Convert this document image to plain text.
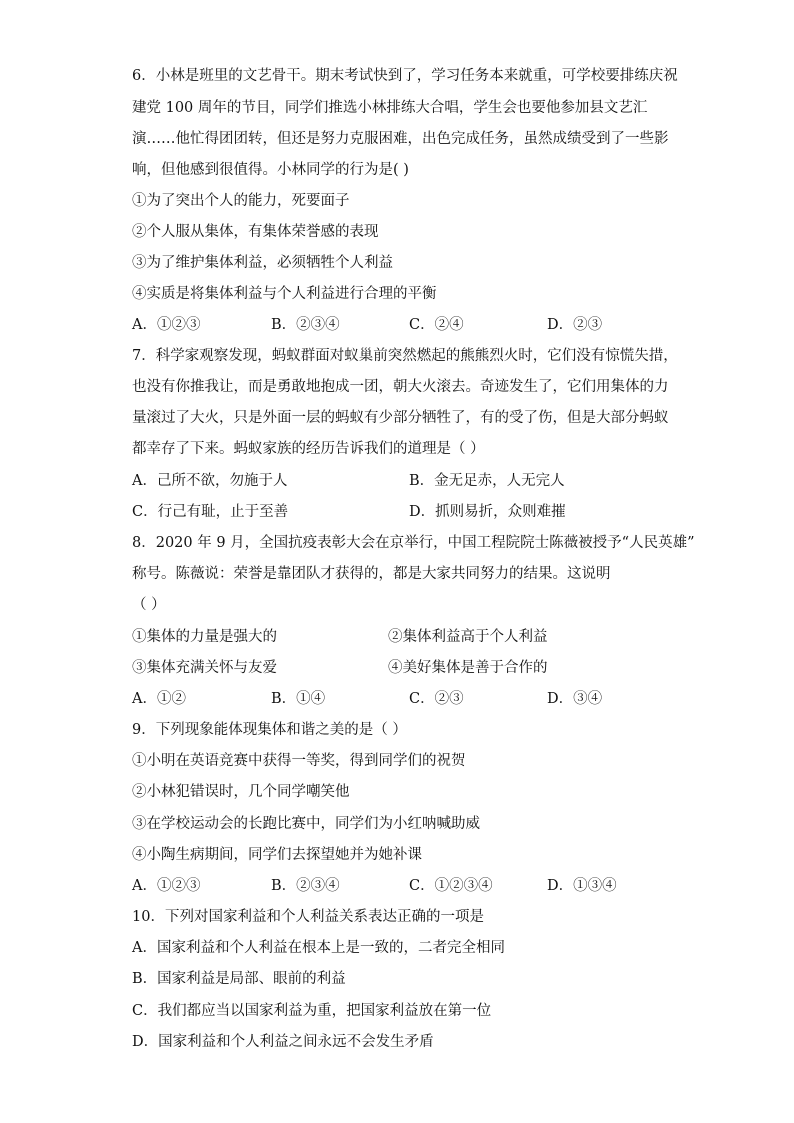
6．小林是班里的文艺骨干。期末考试快到了，学习任务本来就重，可学校要排练庆祝
建党 100 周年的节目，同学们推选小林排练大合唱，学生会也要他参加县文艺汇
演……他忙得团团转，但还是努力克服困难，出色完成任务，虽然成绩受到了一些影
响，但他感到很值得。小林同学的行为是( )
①为了突出个人的能力，死要面子
②个人服从集体，有集体荣誉感的表现
③为了维护集体利益，必须牺牲个人利益
④实质是将集体利益与个人利益进行合理的平衡
A．①②③	B．②③④	C．②④	D．②③
7．科学家观察发现，蚂蚁群面对蚁巢前突然燃起的熊熊烈火时，它们没有惊慌失措，
也没有你推我让，而是勇敢地抱成一团，朝大火滚去。奇迹发生了，它们用集体的力
量滚过了大火，只是外面一层的蚂蚁有少部分牺牲了，有的受了伤，但是大部分蚂蚁
都幸存了下来。蚂蚁家族的经历告诉我们的道理是（ ）
A．己所不欲，勿施于人	B．金无足赤，人无完人
C．行己有耻，止于至善	D．抓则易折，众则难摧
8．2020 年 9 月，全国抗疫表彰大会在京举行，中国工程院院士陈薇被授予“人民英雄”
称号。陈薇说：荣誉是靠团队才获得的，都是大家共同努力的结果。这说明
（ ）
①集体的力量是强大的	②集体利益高于个人利益
③集体充满关怀与友爱	④美好集体是善于合作的
A．①②	B．①④	C．②③	D．③④
9．下列现象能体现集体和谐之美的是（ ）
①小明在英语竞赛中获得一等奖，得到同学们的祝贺
②小林犯错误时，几个同学嘲笑他
③在学校运动会的长跑比赛中，同学们为小红呐喊助威
④小陶生病期间，同学们去探望她并为她补课
A．①②③	B．②③④	C．①②③④	D．①③④
10．下列对国家利益和个人利益关系表达正确的一项是
A．国家利益和个人利益在根本上是一致的，二者完全相同
B．国家利益是局部、眼前的利益
C．我们都应当以国家利益为重，把国家利益放在第一位
D．国家利益和个人利益之间永远不会发生矛盾
